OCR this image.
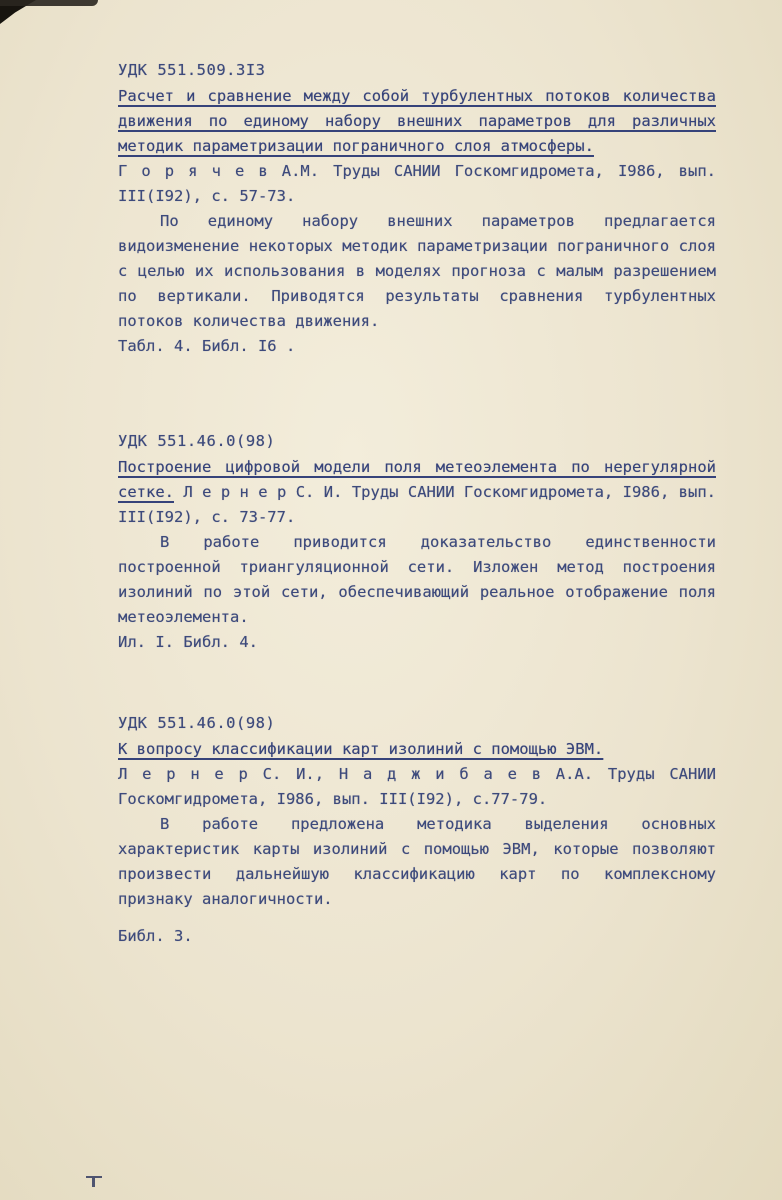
УДК 551.509.3I3

Расчет и сравнение между собой турбулентных потоков количества движения по единому набору внешних параметров для различных методик параметризации пограничного слоя атмосферы.

Г о р я ч е в А.М. Труды САНИИ Госкомгидромета, I986, вып. III(I92), с. 57-73.

По единому набору внешних параметров предлагается видоизменение некоторых методик параметризации пограничного слоя с целью их использования в моделях прогноза с малым разрешением по вертикали. Приводятся результаты сравнения турбулентных потоков количества движения.

Табл. 4. Библ. I6 .

УДК 551.46.0(98)

Построение цифровой модели поля метеоэлемента по нерегулярной сетке. Л е р н е р С. И. Труды САНИИ Госкомгидромета, I986, вып. III(I92), с. 73-77.

В работе приводится доказательство единственности построенной триангуляционной сети. Изложен метод построения изолиний по этой сети, обеспечивающий реальное отображение поля метеоэлемента.

Ил. I. Библ. 4.

УДК 551.46.0(98)

К вопросу классификации карт изолиний с помощью ЭВМ.

Л е р н е р С. И., Н а д ж и б а е в А.А. Труды САНИИ Госкомгидромета, I986, вып. III(I92), с.77-79.

В работе предложена методика выделения основных характеристик карты изолиний с помощью ЭВМ, которые позволяют произвести дальнейшую классификацию карт по комплексному признаку аналогичности.

Библ. 3.
